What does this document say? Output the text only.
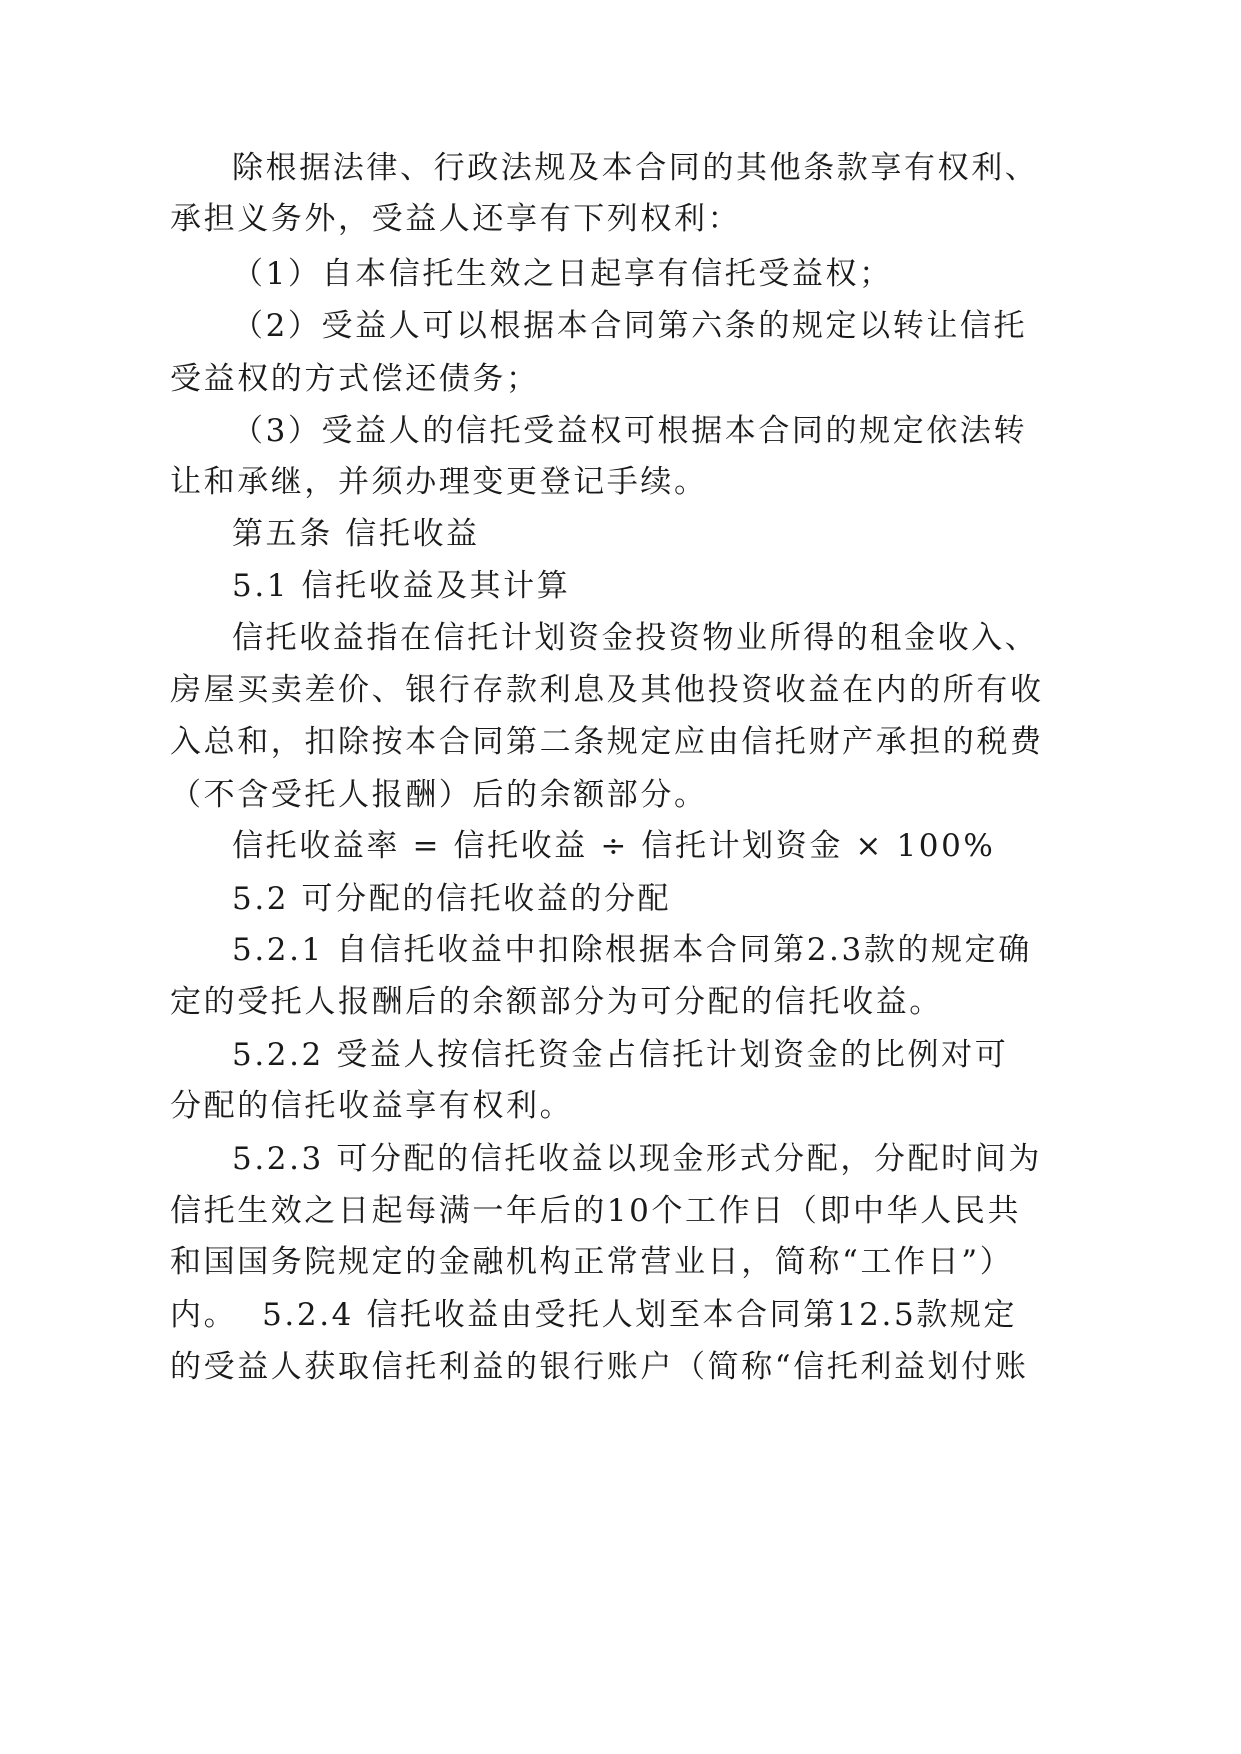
除根据法律、行政法规及本合同的其他条款享有权利、
承担义务外，受益人还享有下列权利：
（1）自本信托生效之日起享有信托受益权；
（2）受益人可以根据本合同第六条的规定以转让信托
受益权的方式偿还债务；
（3）受益人的信托受益权可根据本合同的规定依法转
让和承继，并须办理变更登记手续。
第五条 信托收益
5.1 信托收益及其计算
信托收益指在信托计划资金投资物业所得的租金收入、
房屋买卖差价、银行存款利息及其他投资收益在内的所有收
入总和，扣除按本合同第二条规定应由信托财产承担的税费
（不含受托人报酬）后的余额部分。
信托收益率 = 信托收益 ÷ 信托计划资金 × 100%
5.2 可分配的信托收益的分配
5.2.1 自信托收益中扣除根据本合同第2.3款的规定确
定的受托人报酬后的余额部分为可分配的信托收益。
5.2.2 受益人按信托资金占信托计划资金的比例对可
分配的信托收益享有权利。
5.2.3 可分配的信托收益以现金形式分配，分配时间为
信托生效之日起每满一年后的10个工作日（即中华人民共
和国国务院规定的金融机构正常营业日，简称“工作日”）
内。  5.2.4 信托收益由受托人划至本合同第12.5款规定
的受益人获取信托利益的银行账户（简称“信托利益划付账
